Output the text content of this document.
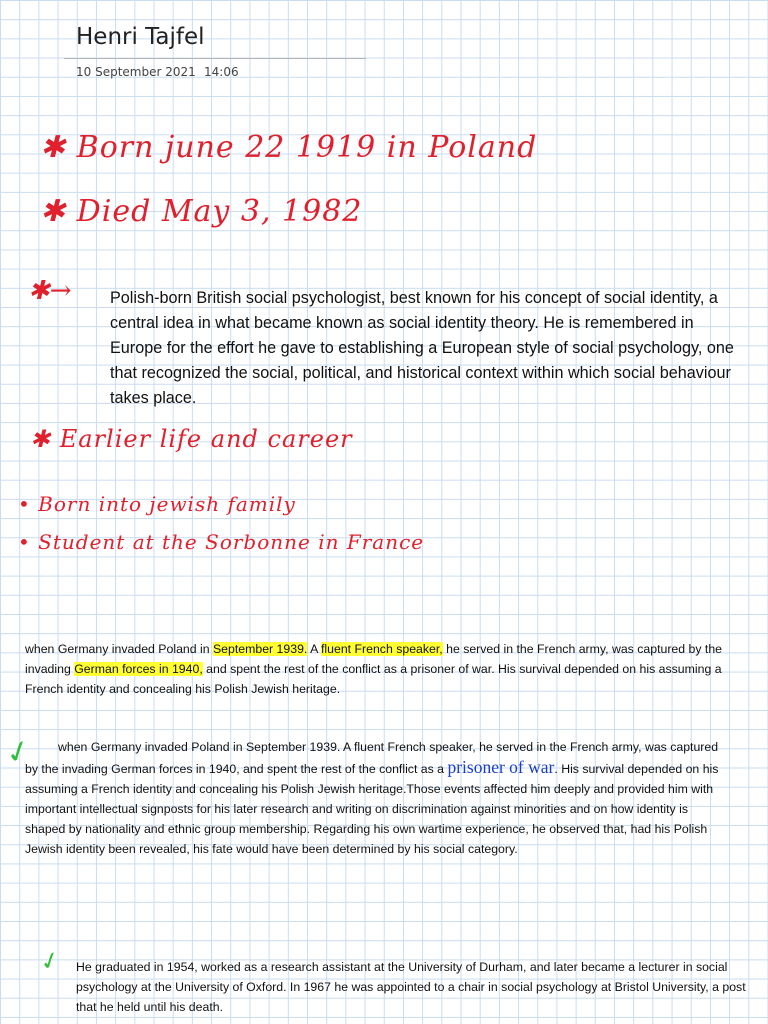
Henri Tajfel
10 September 2021 14:06
✱ Born june 22 1919 in Poland
✱ Died May 3, 1982
✱→ Polish-born British social psychologist, best known for his concept of social identity, a central idea in what became known as social identity theory. He is remembered in Europe for the effort he gave to establishing a European style of social psychology, one that recognized the social, political, and historical context within which social behaviour takes place.

✱ Earlier life and career
• Born into jewish family
• Student at the Sorbonne in France

when Germany invaded Poland in September 1939. A fluent French speaker, he served in the French army, was captured by the invading German forces in 1940, and spent the rest of the conflict as a prisoner of war. His survival depended on his assuming a French identity and concealing his Polish Jewish heritage.

✓	when Germany invaded Poland in September 1939. A fluent French speaker, he served in the French army, was captured by the invading German forces in 1940, and spent the rest of the conflict as a prisoner of war. His survival depended on his assuming a French identity and concealing his Polish Jewish heritage.Those events affected him deeply and provided him with important intellectual signposts for his later research and writing on discrimination against minorities and on how identity is shaped by nationality and ethnic group membership. Regarding his own wartime experience, he observed that, had his Polish Jewish identity been revealed, his fate would have been determined by his social category.

✓ He graduated in 1954, worked as a research assistant at the University of Durham, and later became a lecturer in social psychology at the University of Oxford. In 1967 he was appointed to a chair in social psychology at Bristol University, a post that he held until his death.
